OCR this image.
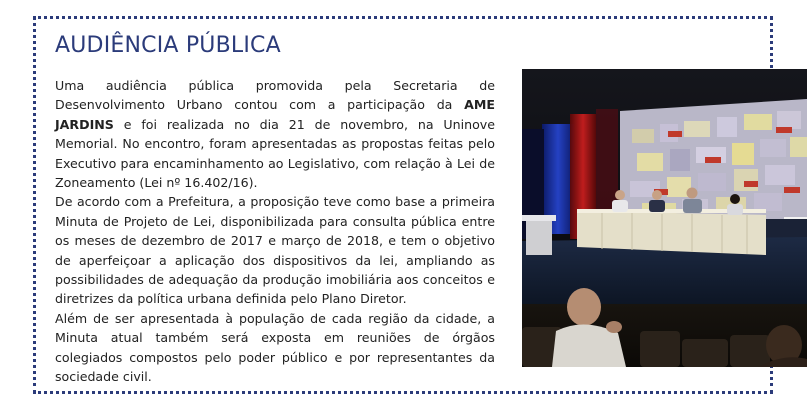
AUDIÊNCIA PÚBLICA

Uma audiência pública promovida pela Secretaria de Desenvolvimento Urbano contou com a participação da AME JARDINS e foi realizada no dia 21 de novembro, na Uninove Memorial. No encontro, foram apresentadas as propostas feitas pelo Executivo para encaminhamento ao Legislativo, com relação à Lei de Zoneamento (Lei nº 16.402/16).

De acordo com a Prefeitura, a proposição teve como base a primeira Minuta de Projeto de Lei, disponibilizada para consulta pública entre os meses de dezembro de 2017 e março de 2018, e tem o objetivo de aperfeiçoar a aplicação dos dispositivos da lei, ampliando as possibilidades de adequação da produção imobiliária aos conceitos e diretrizes da política urbana definida pelo Plano Diretor.

Além de ser apresentada à população de cada região da cidade, a Minuta atual também será exposta em reuniões de órgãos colegiados compostos pelo poder público e por representantes da sociedade civil.
